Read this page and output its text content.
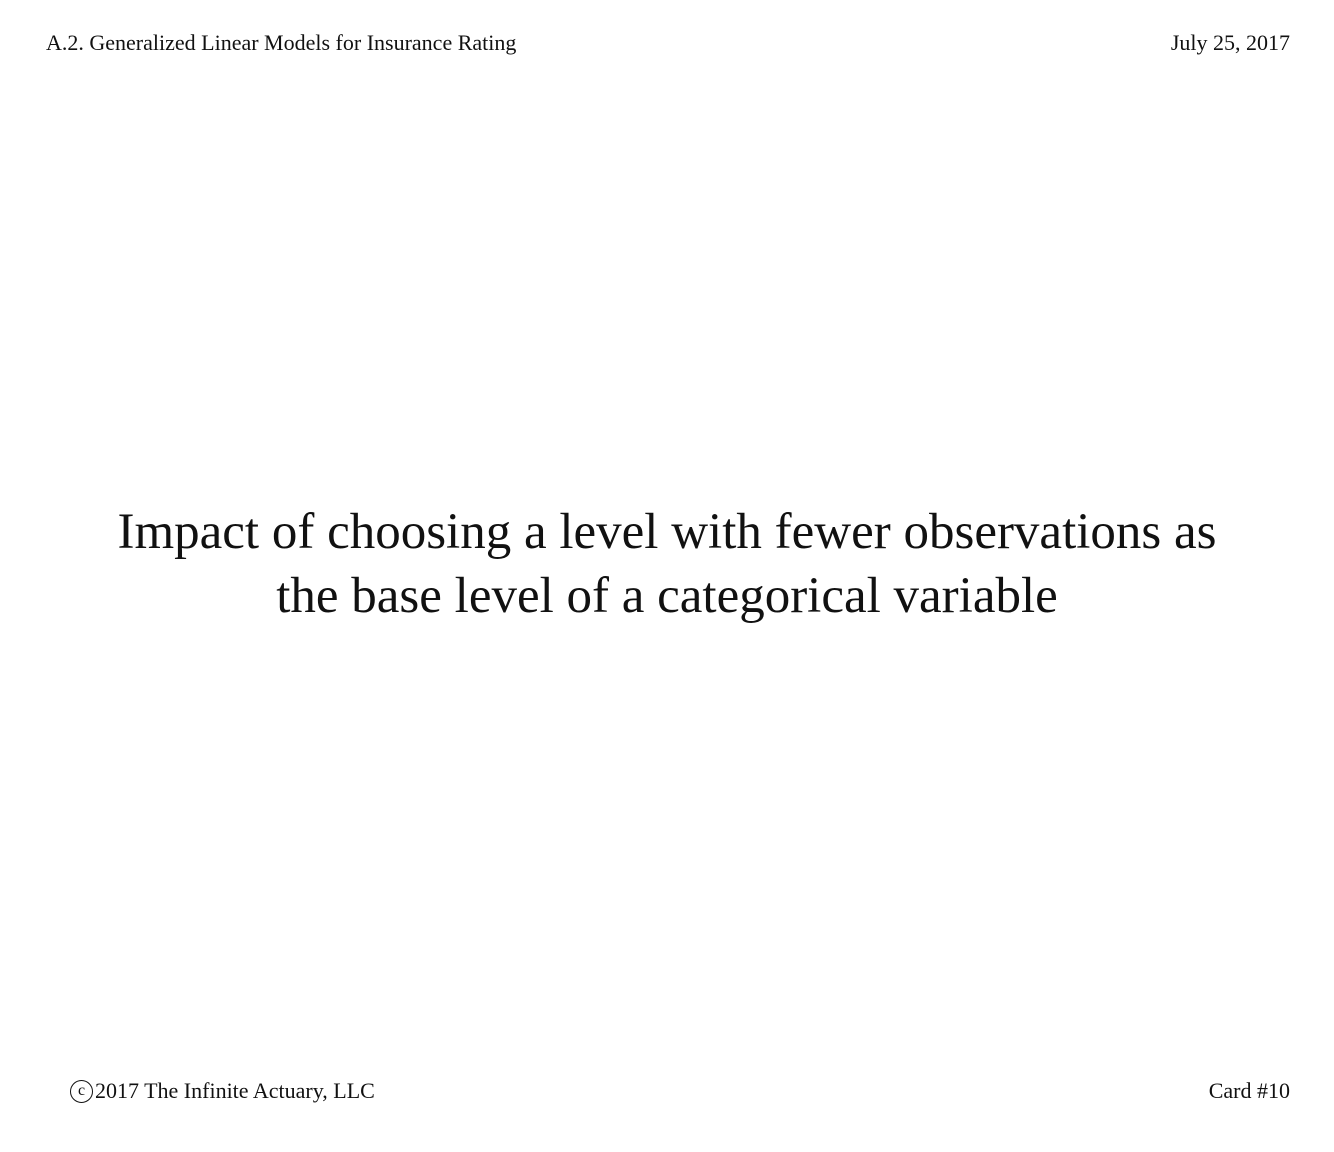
A.2. Generalized Linear Models for Insurance Rating	July 25, 2017
Impact of choosing a level with fewer observations as
the base level of a categorical variable
c 2017 The Infinite Actuary, LLC	Card #10
